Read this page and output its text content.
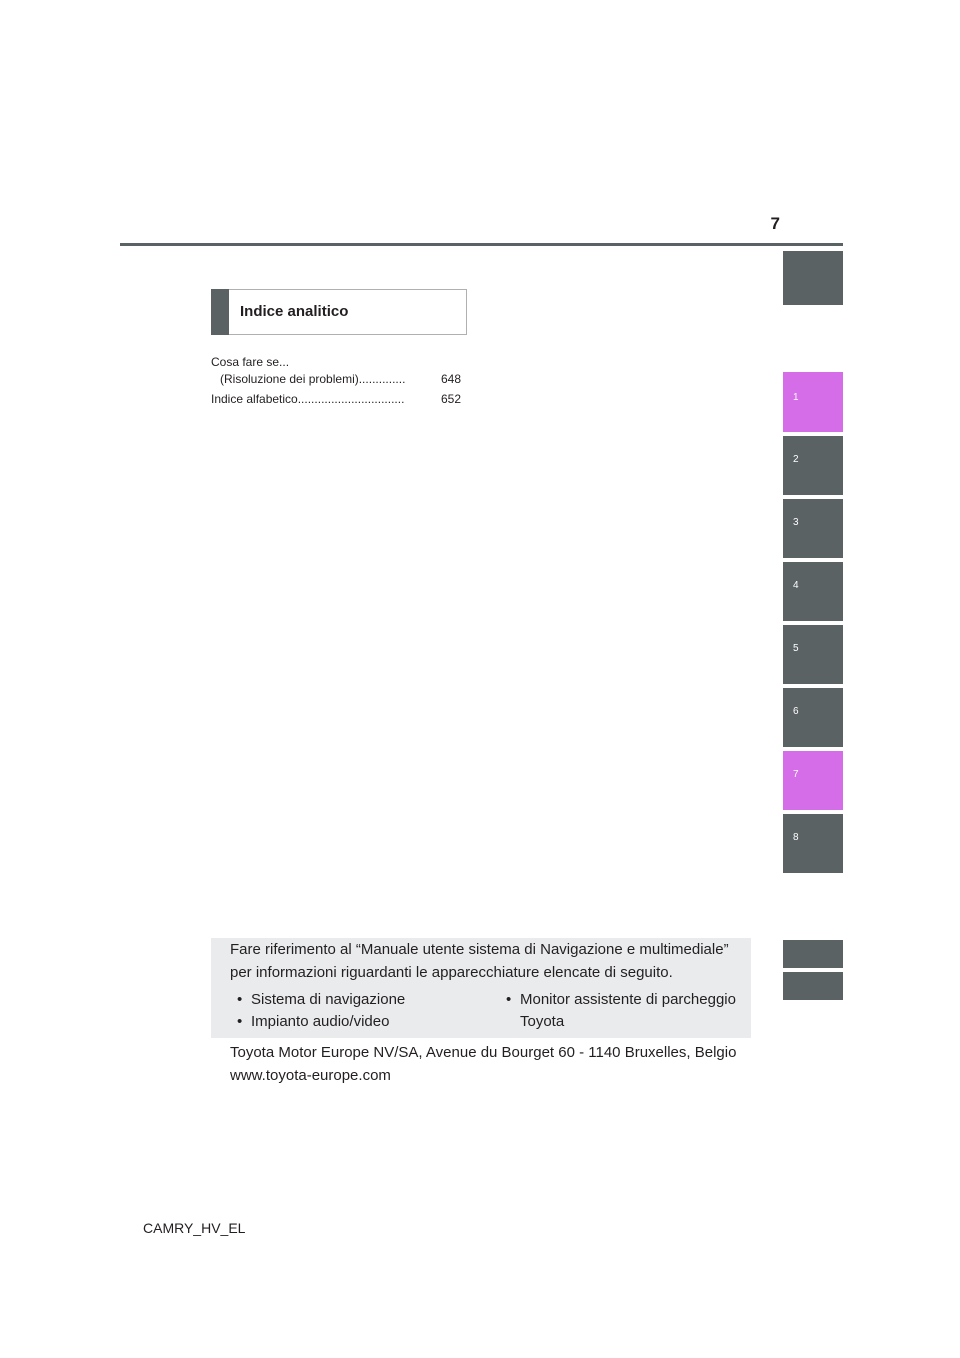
7
1
2
3
4
5
6
7
8
Indice analitico
Cosa fare se...
(Risoluzione dei problemi)..............	648
Indice alfabetico................................	652
Fare riferimento al “Manuale utente sistema di Navigazione e multimediale” per informazioni riguardanti le apparecchiature elencate di seguito.
• Sistema di navigazione
• Impianto audio/video
• Monitor assistente di parcheggio Toyota
Toyota Motor Europe NV/SA, Avenue du Bourget 60 - 1140 Bruxelles, Belgio www.toyota-europe.com
CAMRY_HV_EL
